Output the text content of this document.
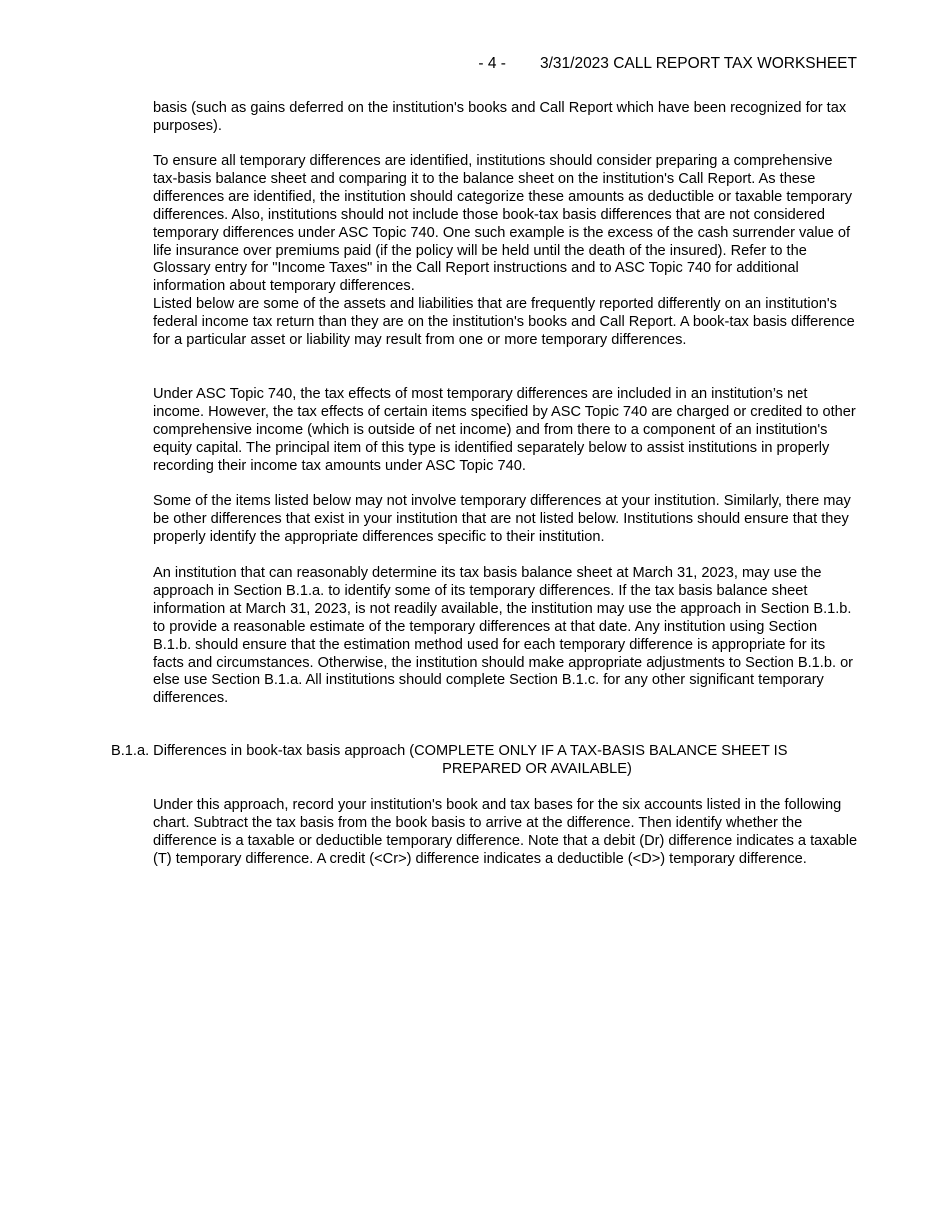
- 4 - 3/31/2023 CALL REPORT TAX WORKSHEET

basis (such as gains deferred on the institution's books and Call Report which have been recognized for tax purposes).

To ensure all temporary differences are identified, institutions should consider preparing a comprehensive tax-basis balance sheet and comparing it to the balance sheet on the institution's Call Report. As these differences are identified, the institution should categorize these amounts as deductible or taxable temporary differences. Also, institutions should not include those book-tax basis differences that are not considered temporary differences under ASC Topic 740. One such example is the excess of the cash surrender value of life insurance over premiums paid (if the policy will be held until the death of the insured). Refer to the Glossary entry for "Income Taxes" in the Call Report instructions and to ASC Topic 740 for additional information about temporary differences.

Listed below are some of the assets and liabilities that are frequently reported differently on an institution's federal income tax return than they are on the institution's books and Call Report. A book-tax basis difference for a particular asset or liability may result from one or more temporary differences.

Under ASC Topic 740, the tax effects of most temporary differences are included in an institution’s net income. However, the tax effects of certain items specified by ASC Topic 740 are charged or credited to other comprehensive income (which is outside of net income) and from there to a component of an institution's equity capital. The principal item of this type is identified separately below to assist institutions in properly recording their income tax amounts under ASC Topic 740.

Some of the items listed below may not involve temporary differences at your institution. Similarly, there may be other differences that exist in your institution that are not listed below. Institutions should ensure that they properly identify the appropriate differences specific to their institution.

An institution that can reasonably determine its tax basis balance sheet at March 31, 2023, may use the approach in Section B.1.a. to identify some of its temporary differences. If the tax basis balance sheet information at March 31, 2023, is not readily available, the institution may use the approach in Section B.1.b. to provide a reasonable estimate of the temporary differences at that date. Any institution using Section B.1.b. should ensure that the estimation method used for each temporary difference is appropriate for its facts and circumstances. Otherwise, the institution should make appropriate adjustments to Section B.1.b. or else use Section B.1.a. All institutions should complete Section B.1.c. for any other significant temporary differences.

B.1.a. Differences in book-tax basis approach (COMPLETE ONLY IF A TAX-BASIS BALANCE SHEET IS
PREPARED OR AVAILABLE)

Under this approach, record your institution's book and tax bases for the six accounts listed in the following chart. Subtract the tax basis from the book basis to arrive at the difference. Then identify whether the difference is a taxable or deductible temporary difference. Note that a debit (Dr) difference indicates a taxable (T) temporary difference. A credit (<Cr>) difference indicates a deductible (<D>) temporary difference.
